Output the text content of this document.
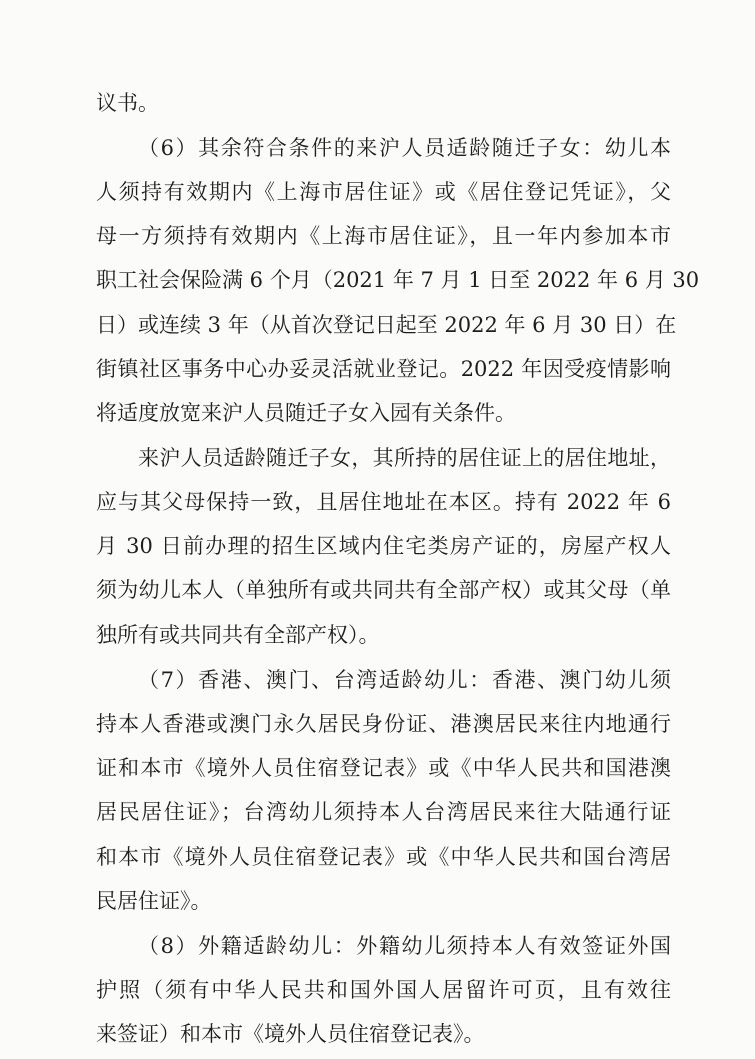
议书。
（6）其余符合条件的来沪人员适龄随迁子女：幼儿本
人须持有效期内《上海市居住证》或《居住登记凭证》，父
母一方须持有效期内《上海市居住证》，且一年内参加本市
职工社会保险满 6 个月（2021 年 7 月 1 日至 2022 年 6 月 30
日）或连续 3 年（从首次登记日起至 2022 年 6 月 30 日）在
街镇社区事务中心办妥灵活就业登记。2022 年因受疫情影响
将适度放宽来沪人员随迁子女入园有关条件。
来沪人员适龄随迁子女，其所持的居住证上的居住地址，
应与其父母保持一致，且居住地址在本区。持有 2022 年 6
月 30 日前办理的招生区域内住宅类房产证的，房屋产权人
须为幼儿本人（单独所有或共同共有全部产权）或其父母（单
独所有或共同共有全部产权）。
（7）香港、澳门、台湾适龄幼儿：香港、澳门幼儿须
持本人香港或澳门永久居民身份证、港澳居民来往内地通行
证和本市《境外人员住宿登记表》或《中华人民共和国港澳
居民居住证》；台湾幼儿须持本人台湾居民来往大陆通行证
和本市《境外人员住宿登记表》或《中华人民共和国台湾居
民居住证》。
（8）外籍适龄幼儿：外籍幼儿须持本人有效签证外国
护照（须有中华人民共和国外国人居留许可页，且有效往
来签证）和本市《境外人员住宿登记表》。
